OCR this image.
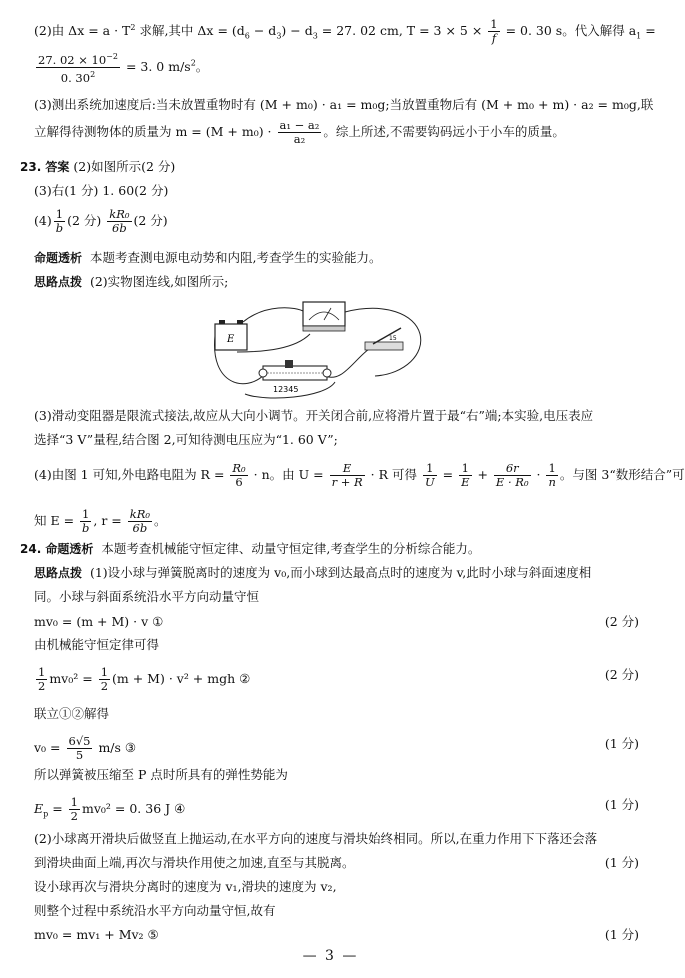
(2)由 $\Delta x = a \cdot T^2$ 求解,其中 $\Delta x = (d_6 - d_3) - d_3 = 27$. 02 cm, $T = 3 \times 5 \times \frac{1}{f} = 0$. 30 s。代入解得 $a_1$ =
$\frac{27. 02 \times 10^{-2}}{0. 30^2} = 3$. 0 $m/s^2$。
(3)测出系统加速度后:当未放置重物时有 (M + m₀) · a₁ = m₀g;当放置重物后有 (M + m₀ + m) · a₂ = m₀g,联
立解得待测物体的质量为 $m = (M + m_0) \cdot \frac{\text{a₁ − a₂}}{\text{a₂}}$ 。综上所述,不需要钩码远小于小车的质量。
23. 答案 (2)如图所示(2 分)
(3)右(1 分) 1. 60(2 分)
$(4) \frac{1}{b} (2$ 分) $\frac{\text{kR₀}}{6b} (2$ 分)
命题透析 本题考查测电源电动势和内阻,考查学生的实验能力。
思路点拨 (2)实物图连线,如图所示;
E	15
12345
(3)滑动变阻器是限流式接法,故应从大向小调节。开关闭合前,应将滑片置于最“右”端;本实验,电压表应
选择“3 V”量程,结合图 2,可知待测电压应为“1. 60 V”;
(4)由图 1 可知,外电路电阻为 $R = \frac{\text{R₀}}{6} \cdot n$。由 $U = \frac{E}{r + R} \cdot R$ 可得 $\frac{1}{U} = \frac{1}{E} + \frac{6r}{\text{E · R₀}} \cdot \frac{1}{n}$ 。与图 3“数形结合”可
知 $E = \frac{1}{b}$ , $r = \frac{\text{kR₀}}{6b}$ 。
24. 命题透析 本题考查机械能守恒定律、动量守恒定律,考查学生的分析综合能力。
思路点拨 (1)设小球与弹簧脱离时的速度为 v₀,而小球到达最高点时的速度为 v,此时小球与斜面速度相
同。小球与斜面系统沿水平方向动量守恒
mv₀ = (m + M) · v ①	(2 分)
由机械能守恒定律可得
$\frac{1}{2} mv_0^2 = \frac{1}{2} (m + M) \cdot v^2$ + mgh ②	(2 分)
联立①②解得
$v_0 = \frac{6√5}{5} m/s$ ③	(1 分)
所以弹簧被压缩至 P 点时所具有的弹性势能为
$E_p = \frac{1}{2} mv_0^2 = 0$. 36 J ④	(1 分)
(2)小球离开滑块后做竖直上抛运动,在水平方向的速度与滑块始终相同。所以,在重力作用下下落还会落
到滑块曲面上端,再次与滑块作用使之加速,直至与其脱离。	(1 分)
设小球再次与滑块分离时的速度为 v₁,滑块的速度为 v₂,
则整个过程中系统沿水平方向动量守恒,故有
mv₀ = mv₁ + Mv₂ ⑤	(1 分)
— 3 —
